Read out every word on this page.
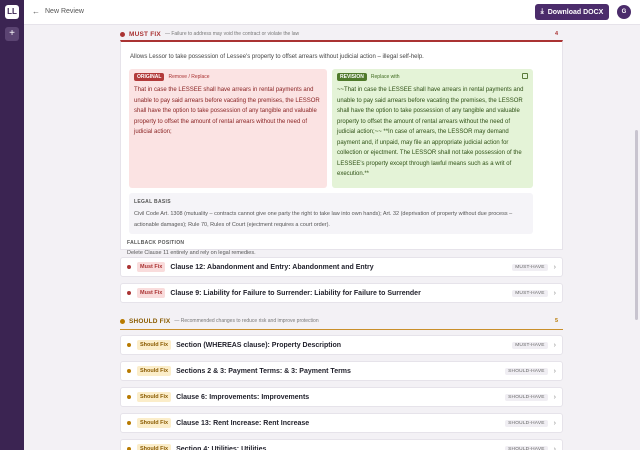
LL
+
← New Review	⤓ Download DOCX	G
MUST FIX — Failure to address may void the contract or violate the law	4
Allows Lessor to take possession of Lessee's property to offset arrears without judicial action – illegal self-help.
ORIGINAL	Remove / Replace
That in case the LESSEE shall have arrears in rental payments and unable to pay said arrears before vacating the premises, the LESSOR shall have the option to take possession of any tangible and valuable property to offset the amount of rental arrears without the need of judicial action;
REVISION	Replace with
~~That in case the LESSEE shall have arrears in rental payments and unable to pay said arrears before vacating the premises, the LESSOR shall have the option to take possession of any tangible and valuable property to offset the amount of rental arrears without the need of judicial action;~~ **In case of arrears, the LESSOR may demand payment and, if unpaid, may file an appropriate judicial action for collection or ejectment. The LESSOR shall not take possession of the LESSEE's property except through lawful means such as a writ of execution.**
LEGAL BASIS
Civil Code Art. 1308 (mutuality – contracts cannot give one party the right to take law into own hands); Art. 32 (deprivation of property without due process – actionable damages); Rule 70, Rules of Court (ejectment requires a court order).
FALLBACK POSITION
Delete Clause 11 entirely and rely on legal remedies.
Must Fix	Clause 12: Abandonment and Entry: Abandonment and Entry	MUST-HAVE	›
Must Fix	Clause 9: Liability for Failure to Surrender: Liability for Failure to Surrender	MUST-HAVE	›
SHOULD FIX — Recommended changes to reduce risk and improve protection	5
Should Fix	Section (WHEREAS clause): Property Description	MUST-HAVE	›
Should Fix	Sections 2 & 3: Payment Terms: & 3: Payment Terms	SHOULD-HAVE	›
Should Fix	Clause 6: Improvements: Improvements	SHOULD-HAVE	›
Should Fix	Clause 13: Rent Increase: Rent Increase	SHOULD-HAVE	›
Should Fix	Section 4: Utilities: Utilities	SHOULD-HAVE	›
